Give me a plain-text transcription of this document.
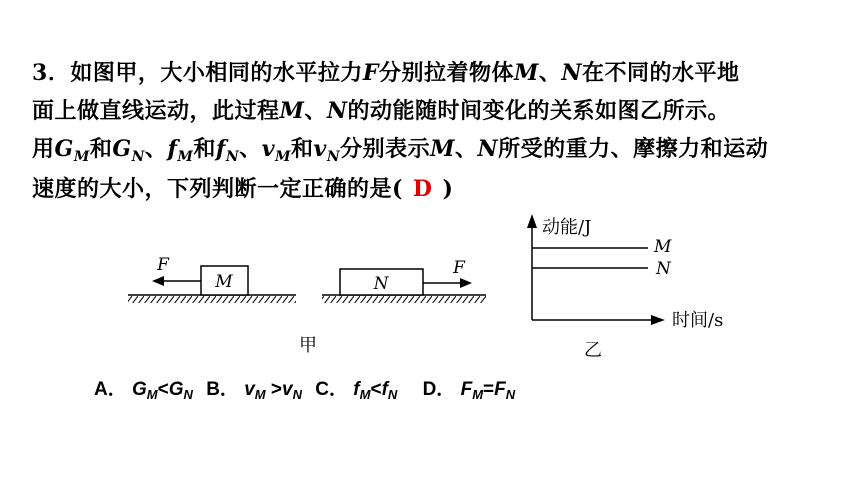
3．如图甲，大小相同的水平拉力F分别拉着物体M、N在不同的水平地
面上做直线运动，此过程M、N的动能随时间变化的关系如图乙所示。
用$G_M$和$G_N$、$f_M$和$f_N$、$v_M$和$v_N$分别表示M、N所受的重力、摩擦力和运动
速度的大小，下列判断一定正确的是( D )
M
F
N
F
甲
动能/J
时间/s
M
N
乙
A． $G_M<G_N$ B． $v_M >v_N$ C． $f_M<f_N$ D． $F_M=F_N$
